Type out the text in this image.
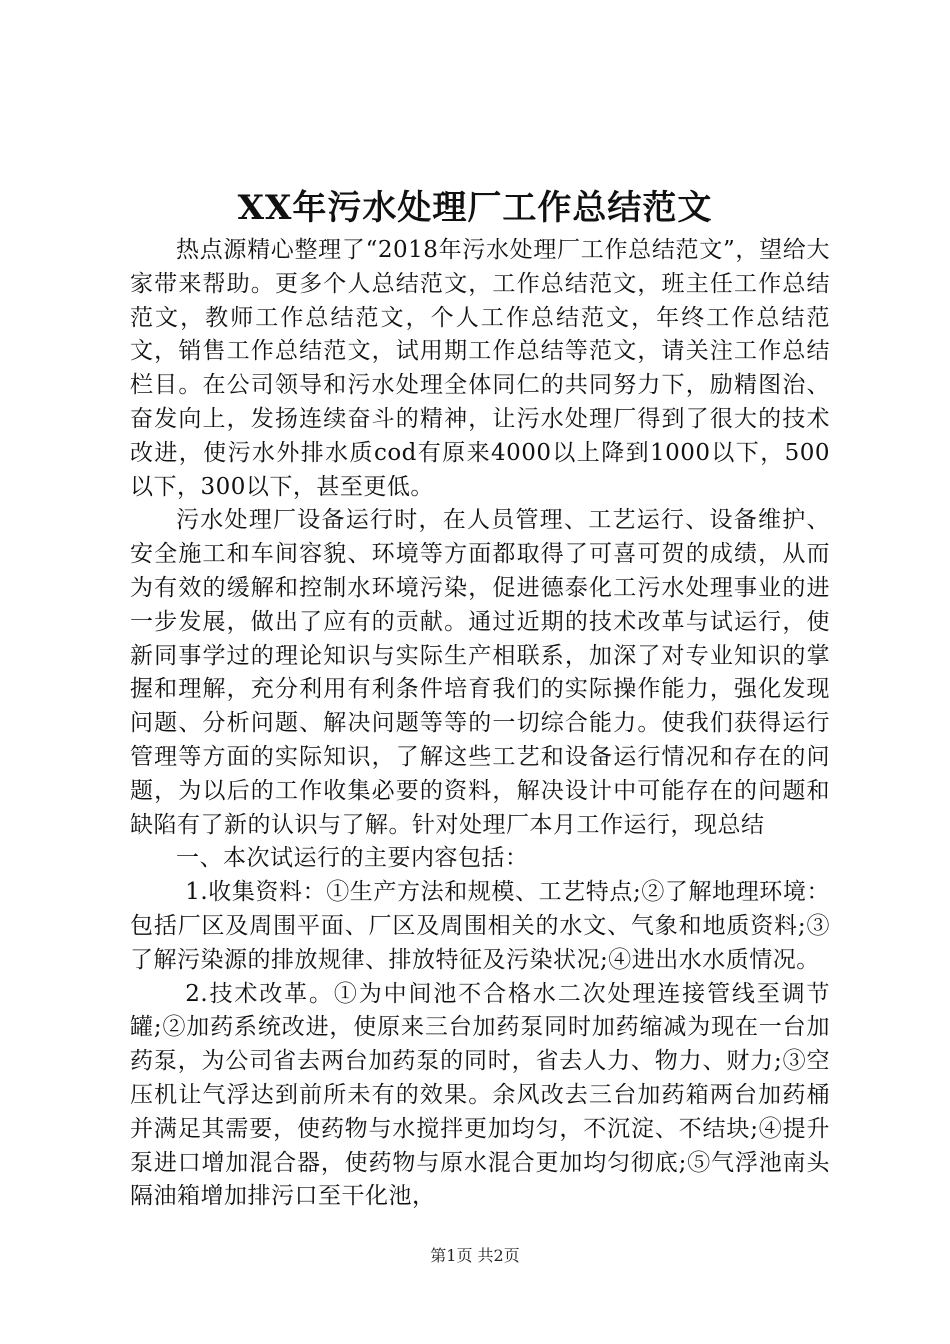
XX年污水处理厂工作总结范文

热点源精心整理了“2018年污水处理厂工作总结范文”，望给大家带来帮助。更多个人总结范文，工作总结范文，班主任工作总结范文，教师工作总结范文，个人工作总结范文，年终工作总结范文，销售工作总结范文，试用期工作总结等范文，请关注工作总结栏目。在公司领导和污水处理全体同仁的共同努力下，励精图治、奋发向上，发扬连续奋斗的精神，让污水处理厂得到了很大的技术改进，使污水外排水质cod有原来4000以上降到1000以下，500以下，300以下，甚至更低。

污水处理厂设备运行时，在人员管理、工艺运行、设备维护、安全施工和车间容貌、环境等方面都取得了可喜可贺的成绩，从而为有效的缓解和控制水环境污染，促进德泰化工污水处理事业的进一步发展，做出了应有的贡献。通过近期的技术改革与试运行，使新同事学过的理论知识与实际生产相联系，加深了对专业知识的掌握和理解，充分利用有利条件培育我们的实际操作能力，强化发现问题、分析问题、解决问题等等的一切综合能力。使我们获得运行管理等方面的实际知识，了解这些工艺和设备运行情况和存在的问题，为以后的工作收集必要的资料，解决设计中可能存在的问题和缺陷有了新的认识与了解。针对处理厂本月工作运行，现总结

一、本次试运行的主要内容包括：

1.收集资料：①生产方法和规模、工艺特点;②了解地理环境：包括厂区及周围平面、厂区及周围相关的水文、气象和地质资料;③了解污染源的排放规律、排放特征及污染状况;④进出水水质情况。

2.技术改革。①为中间池不合格水二次处理连接管线至调节罐;②加药系统改进，使原来三台加药泵同时加药缩减为现在一台加药泵，为公司省去两台加药泵的同时，省去人力、物力、财力;③空压机让气浮达到前所未有的效果。余风改去三台加药箱两台加药桶并满足其需要，使药物与水搅拌更加均匀，不沉淀、不结块;④提升泵进口增加混合器，使药物与原水混合更加均匀彻底;⑤气浮池南头隔油箱增加排污口至干化池，

第1页 共2页
